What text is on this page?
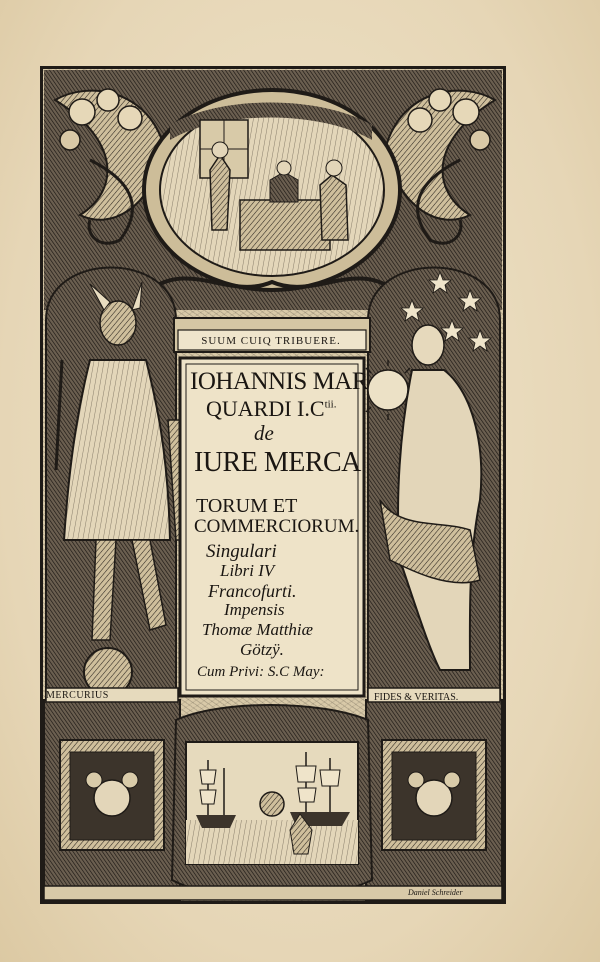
SUUM CUIQ TRIBUERE.
IOHANNIS MAR
QUARDI $I.C^{tii.}$
de
IURE MERCA
TORUM ET
COMMERCIORUM.
Singulari
Libri IV
Francofurti.
Impensis
Thomæ Matthiæ
Götzÿ.
Cum Privi: S.C May:
MERCURIUS	FIDES & VERITAS.
Daniel Schreider
